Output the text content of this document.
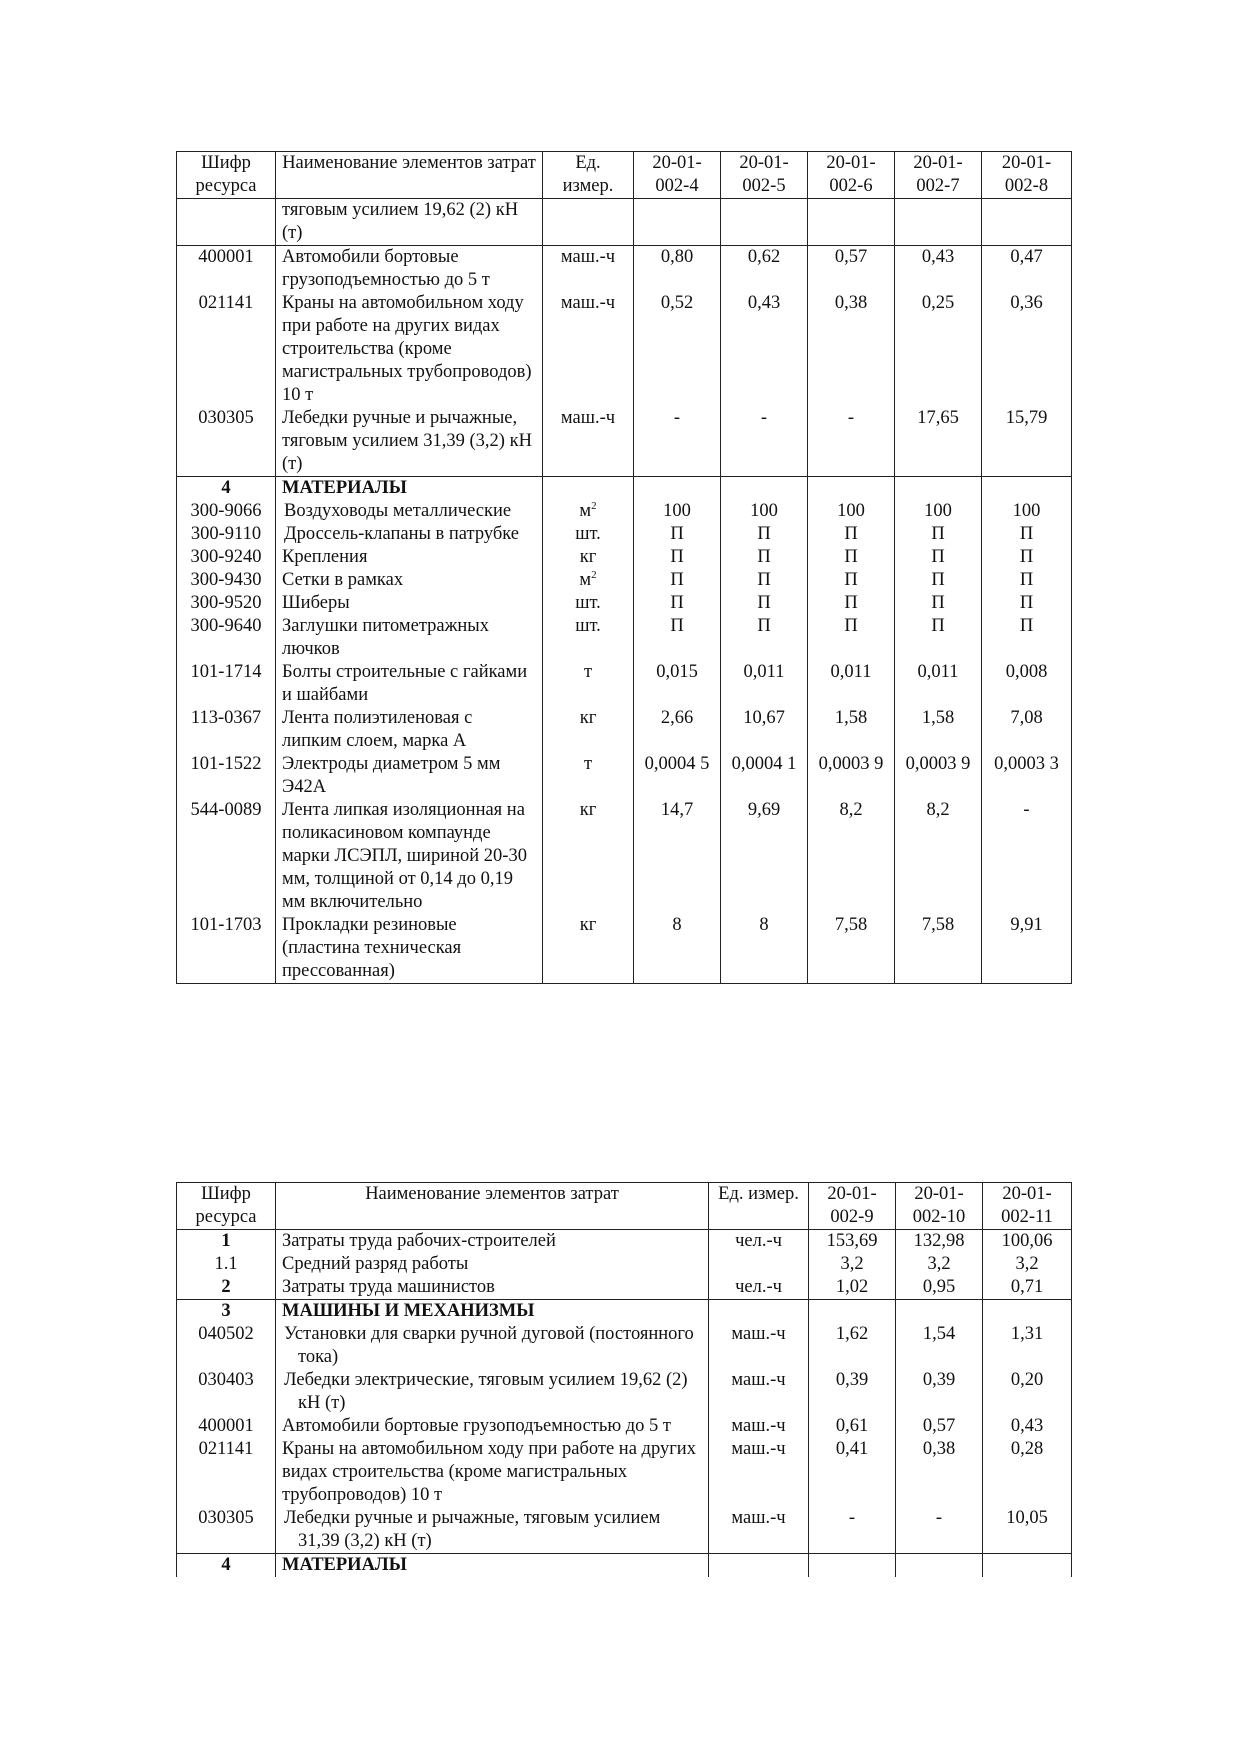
Шифр ресурса	Наименование элементов затрат	Ед. измер.	20-01-002-4	20-01-002-5	20-01-002-6	20-01-002-7	20-01-002-8
	тяговым усилием 19,62 (2) кН (т)						
400001	Автомобили бортовые грузоподъемностью до 5 т	маш.-ч	0,80	0,62	0,57	0,43	0,47
021141	Краны на автомобильном ходу при работе на других видах строительства (кроме магистральных трубопроводов) 10 т	маш.-ч	0,52	0,43	0,38	0,25	0,36
030305	Лебедки ручные и рычажные, тяговым усилием 31,39 (3,2) кН (т)	маш.-ч	-	-	-	17,65	15,79
4	МАТЕРИАЛЫ						
300-9066	Воздуховоды металлические	$м^2$	100	100	100	100	100
300-9110	Дроссель-клапаны в патрубке	шт.	П	П	П	П	П
300-9240	Крепления	кг	П	П	П	П	П
300-9430	Сетки в рамках	$м^2$	П	П	П	П	П
300-9520	Шиберы	шт.	П	П	П	П	П
300-9640	Заглушки питометражных лючков	шт.	П	П	П	П	П
101-1714	Болты строительные с гайками и шайбами	т	0,015	0,011	0,011	0,011	0,008
113-0367	Лента полиэтиленовая с липким слоем, марка А	кг	2,66	10,67	1,58	1,58	7,08
101-1522	Электроды диаметром 5 мм Э42А	т	0,0004 5	0,0004 1	0,0003 9	0,0003 9	0,0003 3
544-0089	Лента липкая изоляционная на поликасиновом компаунде марки ЛСЭПЛ, шириной 20-30 мм, толщиной от 0,14 до 0,19 мм включительно	кг	14,7	9,69	8,2	8,2	-
101-1703	Прокладки резиновые (пластина техническая прессованная)	кг	8	8	7,58	7,58	9,91
Шифр ресурса	Наименование элементов затрат	Ед. измер.	20-01-002-9	20-01-002-10	20-01-002-11
1	Затраты труда рабочих-строителей	чел.-ч	153,69	132,98	100,06
1.1	Средний разряд работы		3,2	3,2	3,2
2	Затраты труда машинистов	чел.-ч	1,02	0,95	0,71
3	МАШИНЫ И МЕХАНИЗМЫ				
040502	Установки для сварки ручной дуговой (постоянного тока)	маш.-ч	1,62	1,54	1,31
030403	Лебедки электрические, тяговым усилием 19,62 (2) кН (т)	маш.-ч	0,39	0,39	0,20
400001	Автомобили бортовые грузоподъемностью до 5 т	маш.-ч	0,61	0,57	0,43
021141	Краны на автомобильном ходу при работе на других видах строительства (кроме магистральных трубопроводов) 10 т	маш.-ч	0,41	0,38	0,28
030305	Лебедки ручные и рычажные, тяговым усилием 31,39 (3,2) кН (т)	маш.-ч	-	-	10,05
4	МАТЕРИАЛЫ				
